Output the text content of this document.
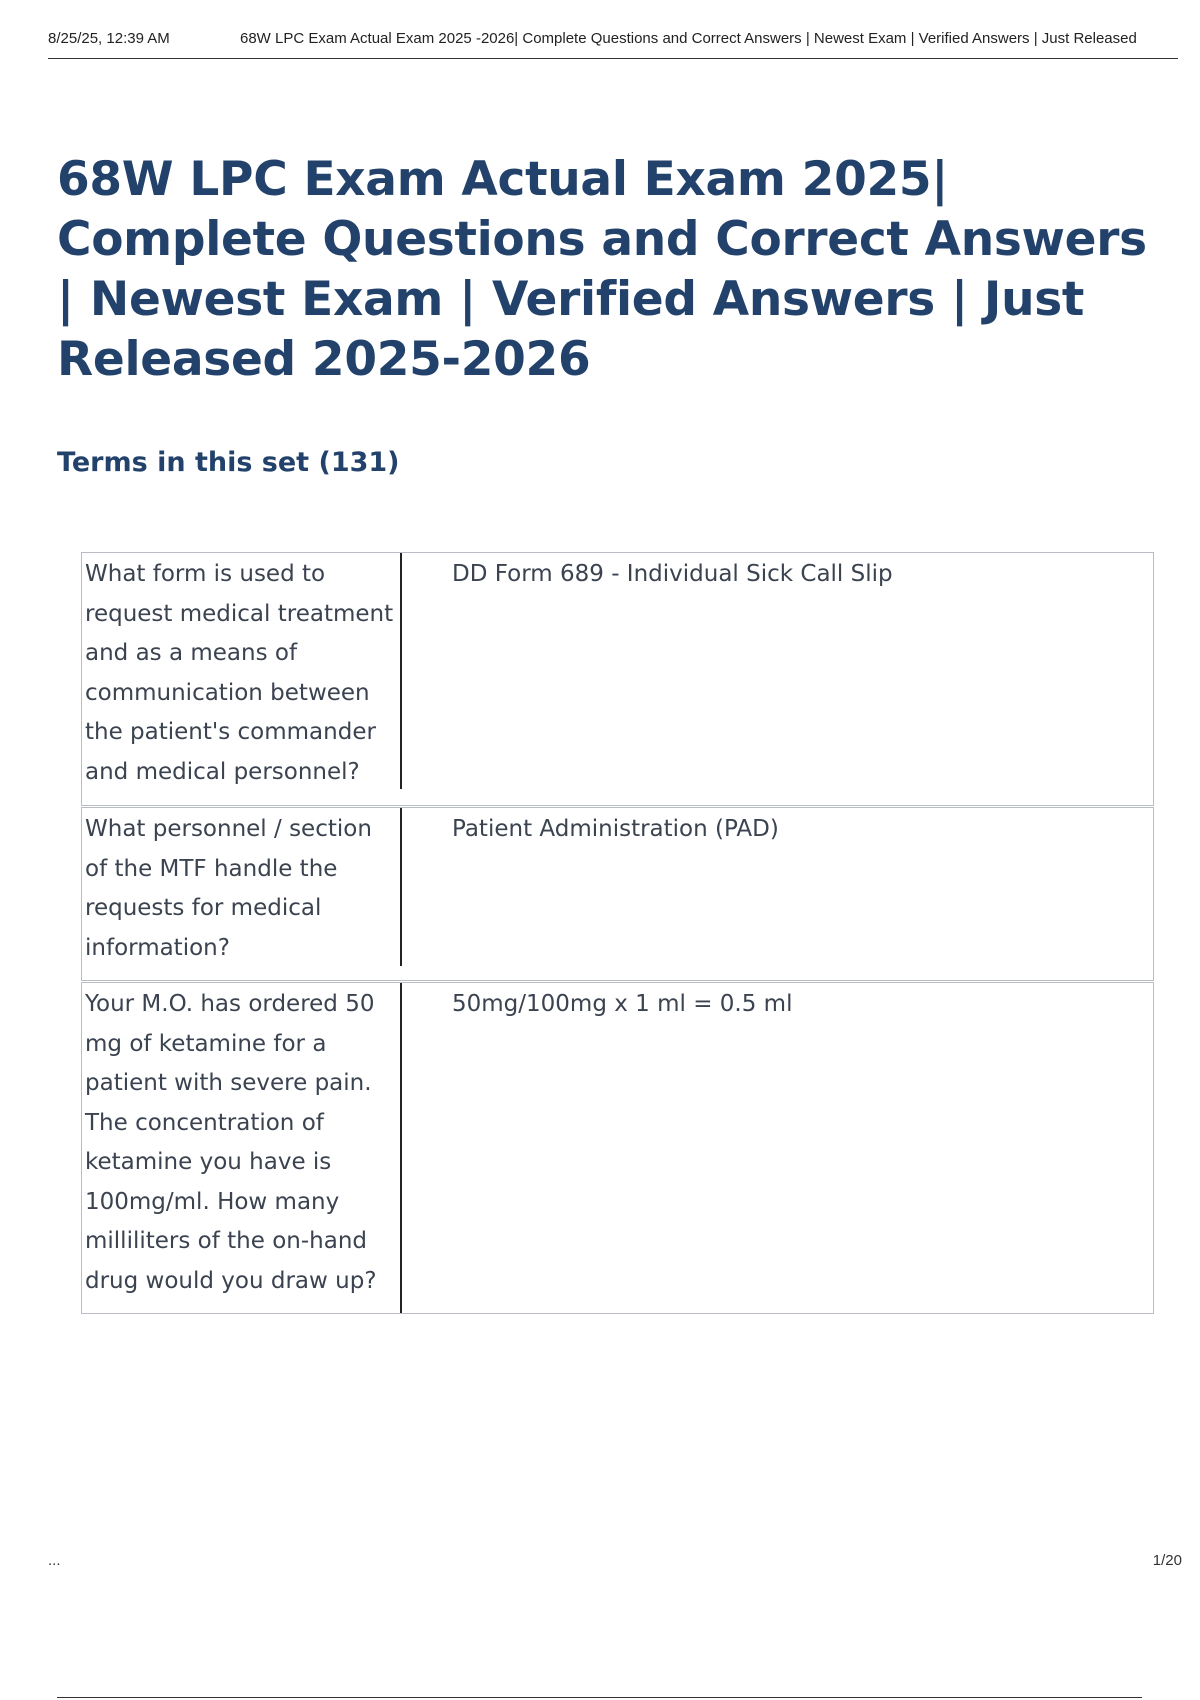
8/25/25, 12:39 AM	68W LPC Exam Actual Exam 2025 -2026| Complete Questions and Correct Answers | Newest Exam | Verified Answers | Just Released
68W LPC Exam Actual Exam 2025| Complete Questions and Correct Answers | Newest Exam | Verified Answers | Just Released 2025-2026
Terms in this set (131)
What form is used to request medical treatment and as a means of communication between the patient's commander and medical personnel?
DD Form 689 - Individual Sick Call Slip
What personnel / section of the MTF handle the requests for medical information?
Patient Administration (PAD)
Your M.O. has ordered 50 mg of ketamine for a patient with severe pain. The concentration of ketamine you have is 100mg/ml. How many milliliters of the on-hand drug would you draw up?
50mg/100mg x 1 ml = 0.5 ml
...	1/20
